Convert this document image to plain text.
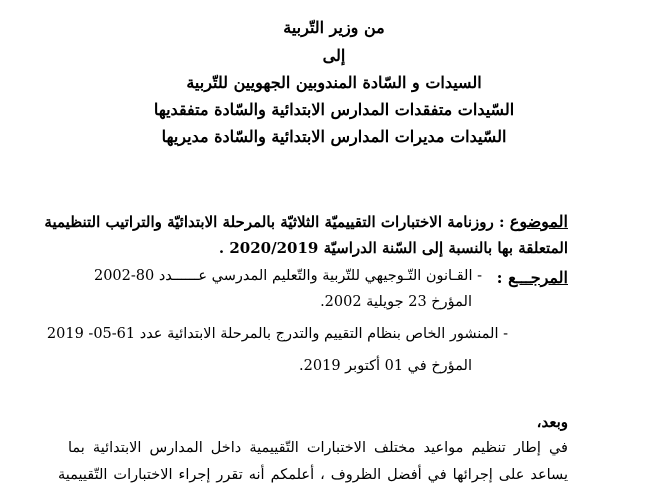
من وزير التّربية
إلى
السيدات و السّادة المندوبين الجهويين للتّربية
السّيدات متفقدات المدارس الابتدائية والسّادة متفقديها
السّيدات مديرات المدارس الابتدائية والسّادة مديريها
الموضوع : روزنامة الاختبارات التقييميّة الثلاثيّة بالمرحلة الابتدائيّة والتراتيب التنظيمية
المتعلقة بها بالنسبة إلى السّنة الدراسيّة 2020/2019 .
المرجـــع :
- القـانون التّـوجيهي للتّربية والتّعليم المدرسي عــــــدد 80-2002
المؤرخ 23 جويلية 2002.
- المنشور الخاص بنظام التقييم والتدرج بالمرحلة الابتدائية عدد 61-05- 2019
المؤرخ في 01 أكتوبر 2019.
وبعد،
في إطار تنظيم مواعيد مختلف الاختبارات التّقييمية داخل المدارس الابتدائية بما
يساعد على إجرائها في أفضل الظروف ، أعلمكم أنه تقرر إجراء الاختبارات التّقييمية
